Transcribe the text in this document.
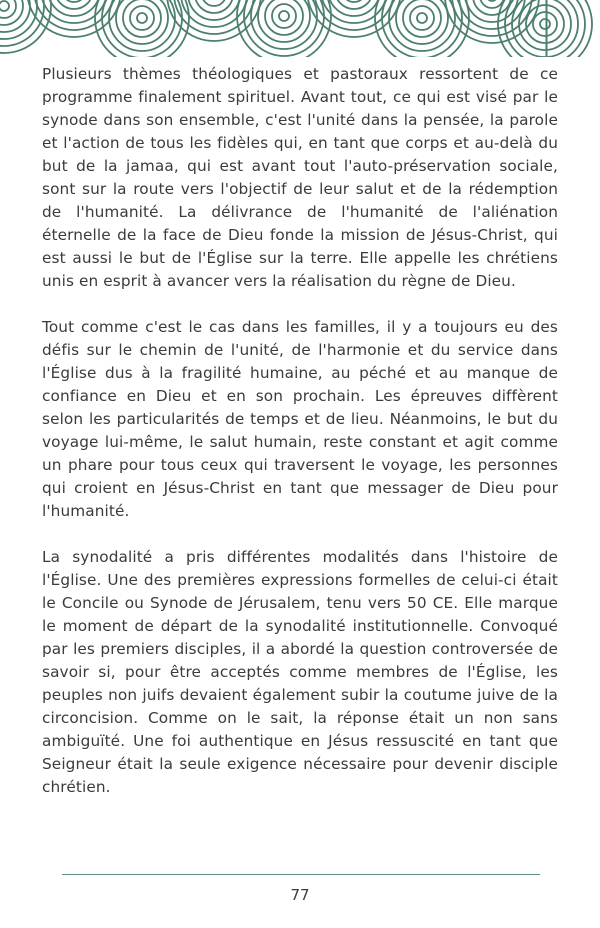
Plusieurs thèmes théologiques et pastoraux ressortent de ce programme finalement spirituel. Avant tout, ce qui est visé par le synode dans son ensemble, c'est l'unité dans la pensée, la parole et l'action de tous les fidèles qui, en tant que corps et au-delà du but de la jamaa, qui est avant tout l'auto-préservation sociale, sont sur la route vers l'objectif de leur salut et de la rédemption de l'humanité. La délivrance de l'humanité de l'aliénation éternelle de la face de Dieu fonde la mission de Jésus-Christ, qui est aussi le but de l'Église sur la terre. Elle appelle les chrétiens unis en esprit à avancer vers la réalisation du règne de Dieu.

Tout comme c'est le cas dans les familles, il y a toujours eu des défis sur le chemin de l'unité, de l'harmonie et du service dans l'Église dus à la fragilité humaine, au péché et au manque de confiance en Dieu et en son prochain. Les épreuves diffèrent selon les particularités de temps et de lieu. Néanmoins, le but du voyage lui-même, le salut humain, reste constant et agit comme un phare pour tous ceux qui traversent le voyage, les personnes qui croient en Jésus-Christ en tant que messager de Dieu pour l'humanité.

La synodalité a pris différentes modalités dans l'histoire de l'Église. Une des premières expressions formelles de celui-ci était le Concile ou Synode de Jérusalem, tenu vers 50 CE. Elle marque le moment de départ de la synodalité institutionnelle. Convoqué par les premiers disciples, il a abordé la question controversée de savoir si, pour être acceptés comme membres de l'Église, les peuples non juifs devaient également subir la coutume juive de la circoncision. Comme on le sait, la réponse était un non sans ambiguïté. Une foi authentique en Jésus ressuscité en tant que Seigneur était la seule exigence nécessaire pour devenir disciple chrétien.

77
